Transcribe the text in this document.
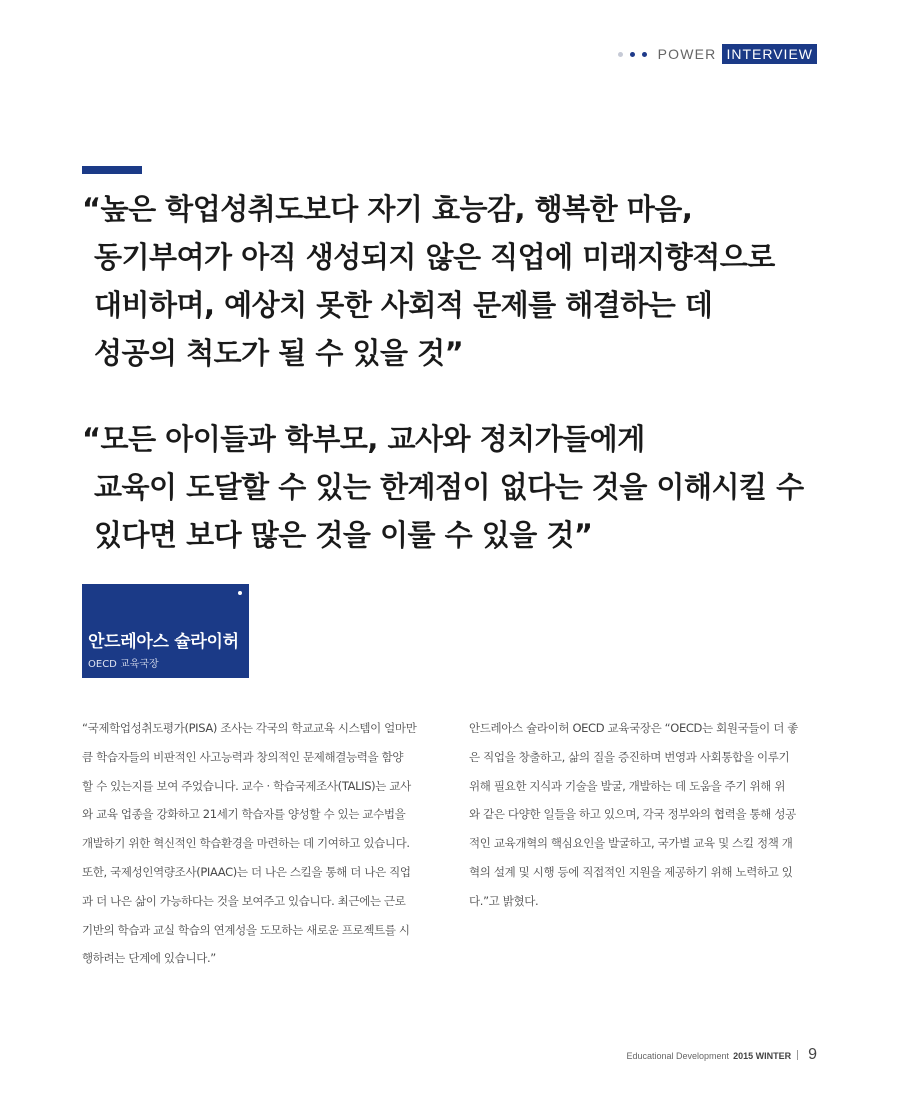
POWER INTERVIEW
“높은 학업성취도보다 자기 효능감, 행복한 마음,
동기부여가 아직 생성되지 않은 직업에 미래지향적으로
대비하며, 예상치 못한 사회적 문제를 해결하는 데
성공의 척도가 될 수 있을 것”
“모든 아이들과 학부모, 교사와 정치가들에게
교육이 도달할 수 있는 한계점이 없다는 것을 이해시킬 수
있다면 보다 많은 것을 이룰 수 있을 것”
안드레아스 슐라이허
OECD 교육국장
“국제학업성취도평가(PISA) 조사는 각국의 학교교육 시스템이 얼마만
큼 학습자들의 비판적인 사고능력과 창의적인 문제해결능력을 함양
할 수 있는지를 보여 주었습니다. 교수 · 학습국제조사(TALIS)는 교사
와 교육 업종을 강화하고 21세기 학습자를 양성할 수 있는 교수법을
개발하기 위한 혁신적인 학습환경을 마련하는 데 기여하고 있습니다.
또한, 국제성인역량조사(PIAAC)는 더 나은 스킬을 통해 더 나은 직업
과 더 나은 삶이 가능하다는 것을 보여주고 있습니다. 최근에는 근로
기반의 학습과 교실 학습의 연계성을 도모하는 새로운 프로젝트를 시
행하려는 단계에 있습니다.”
안드레아스 슐라이허 OECD 교육국장은 “OECD는 회원국들이 더 좋
은 직업을 창출하고, 삶의 질을 증진하며 번영과 사회통합을 이루기
위해 필요한 지식과 기술을 발굴, 개발하는 데 도움을 주기 위해 위
와 같은 다양한 일들을 하고 있으며, 각국 정부와의 협력을 통해 성공
적인 교육개혁의 핵심요인을 발굴하고, 국가별 교육 및 스킬 정책 개
혁의 설계 및 시행 등에 직접적인 지원을 제공하기 위해 노력하고 있
다.”고 밝혔다.
Educational Development 2015 WINTER 9
